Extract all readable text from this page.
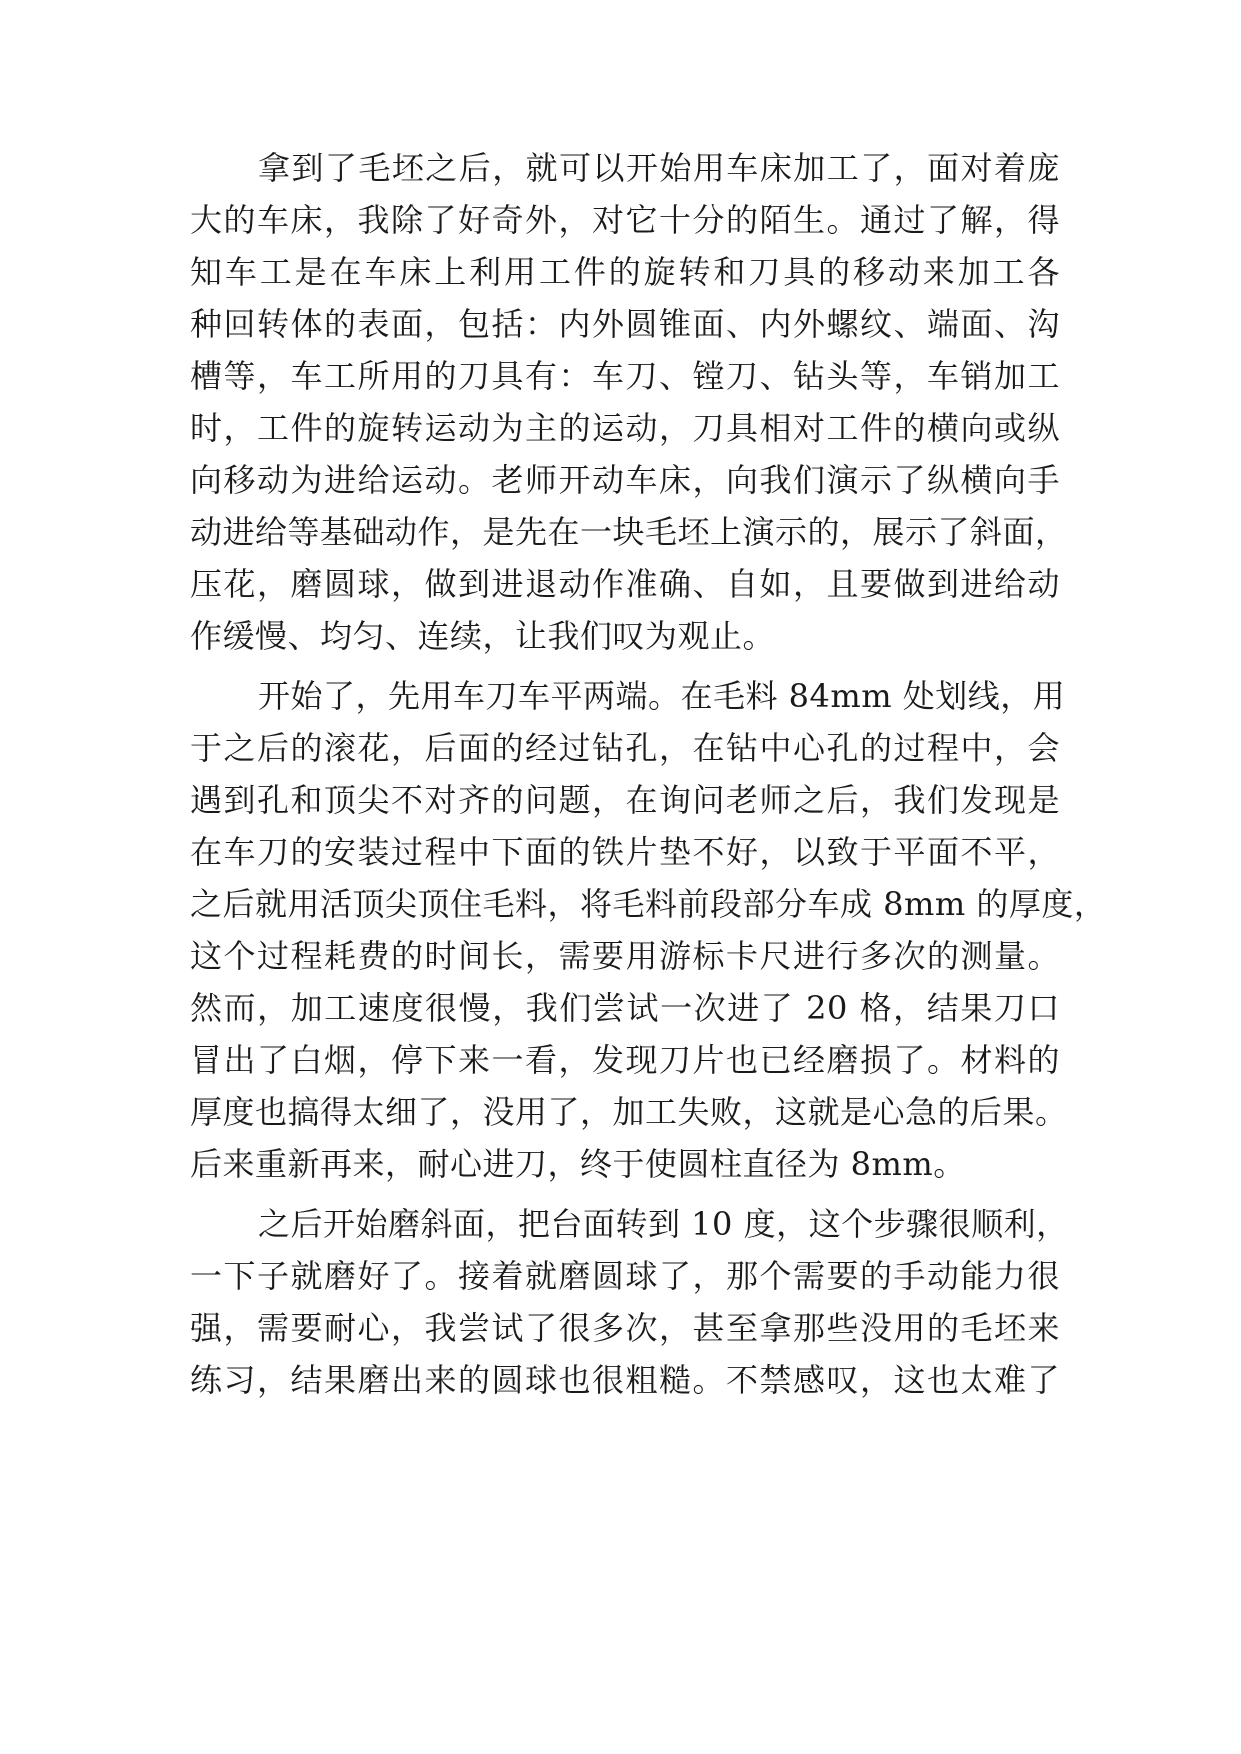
拿到了毛坯之后，就可以开始用车床加工了，面对着庞
大的车床，我除了好奇外，对它十分的陌生。通过了解，得
知车工是在车床上利用工件的旋转和刀具的移动来加工各
种回转体的表面，包括：内外圆锥面、内外螺纹、端面、沟
槽等，车工所用的刀具有：车刀、镗刀、钻头等，车销加工
时，工件的旋转运动为主的运动，刀具相对工件的横向或纵
向移动为进给运动。老师开动车床，向我们演示了纵横向手
动进给等基础动作，是先在一块毛坯上演示的，展示了斜面，
压花，磨圆球，做到进退动作准确、自如，且要做到进给动
作缓慢、均匀、连续，让我们叹为观止。
开始了，先用车刀车平两端。在毛料 84mm 处划线，用
于之后的滚花，后面的经过钻孔，在钻中心孔的过程中，会
遇到孔和顶尖不对齐的问题，在询问老师之后，我们发现是
在车刀的安装过程中下面的铁片垫不好，以致于平面不平，
之后就用活顶尖顶住毛料，将毛料前段部分车成 8mm 的厚度，
这个过程耗费的时间长，需要用游标卡尺进行多次的测量。
然而，加工速度很慢，我们尝试一次进了 20 格，结果刀口
冒出了白烟，停下来一看，发现刀片也已经磨损了。材料的
厚度也搞得太细了，没用了，加工失败，这就是心急的后果。
后来重新再来，耐心进刀，终于使圆柱直径为 8mm。
之后开始磨斜面，把台面转到 10 度，这个步骤很顺利，
一下子就磨好了。接着就磨圆球了，那个需要的手动能力很
强，需要耐心，我尝试了很多次，甚至拿那些没用的毛坯来
练习，结果磨出来的圆球也很粗糙。不禁感叹，这也太难了
